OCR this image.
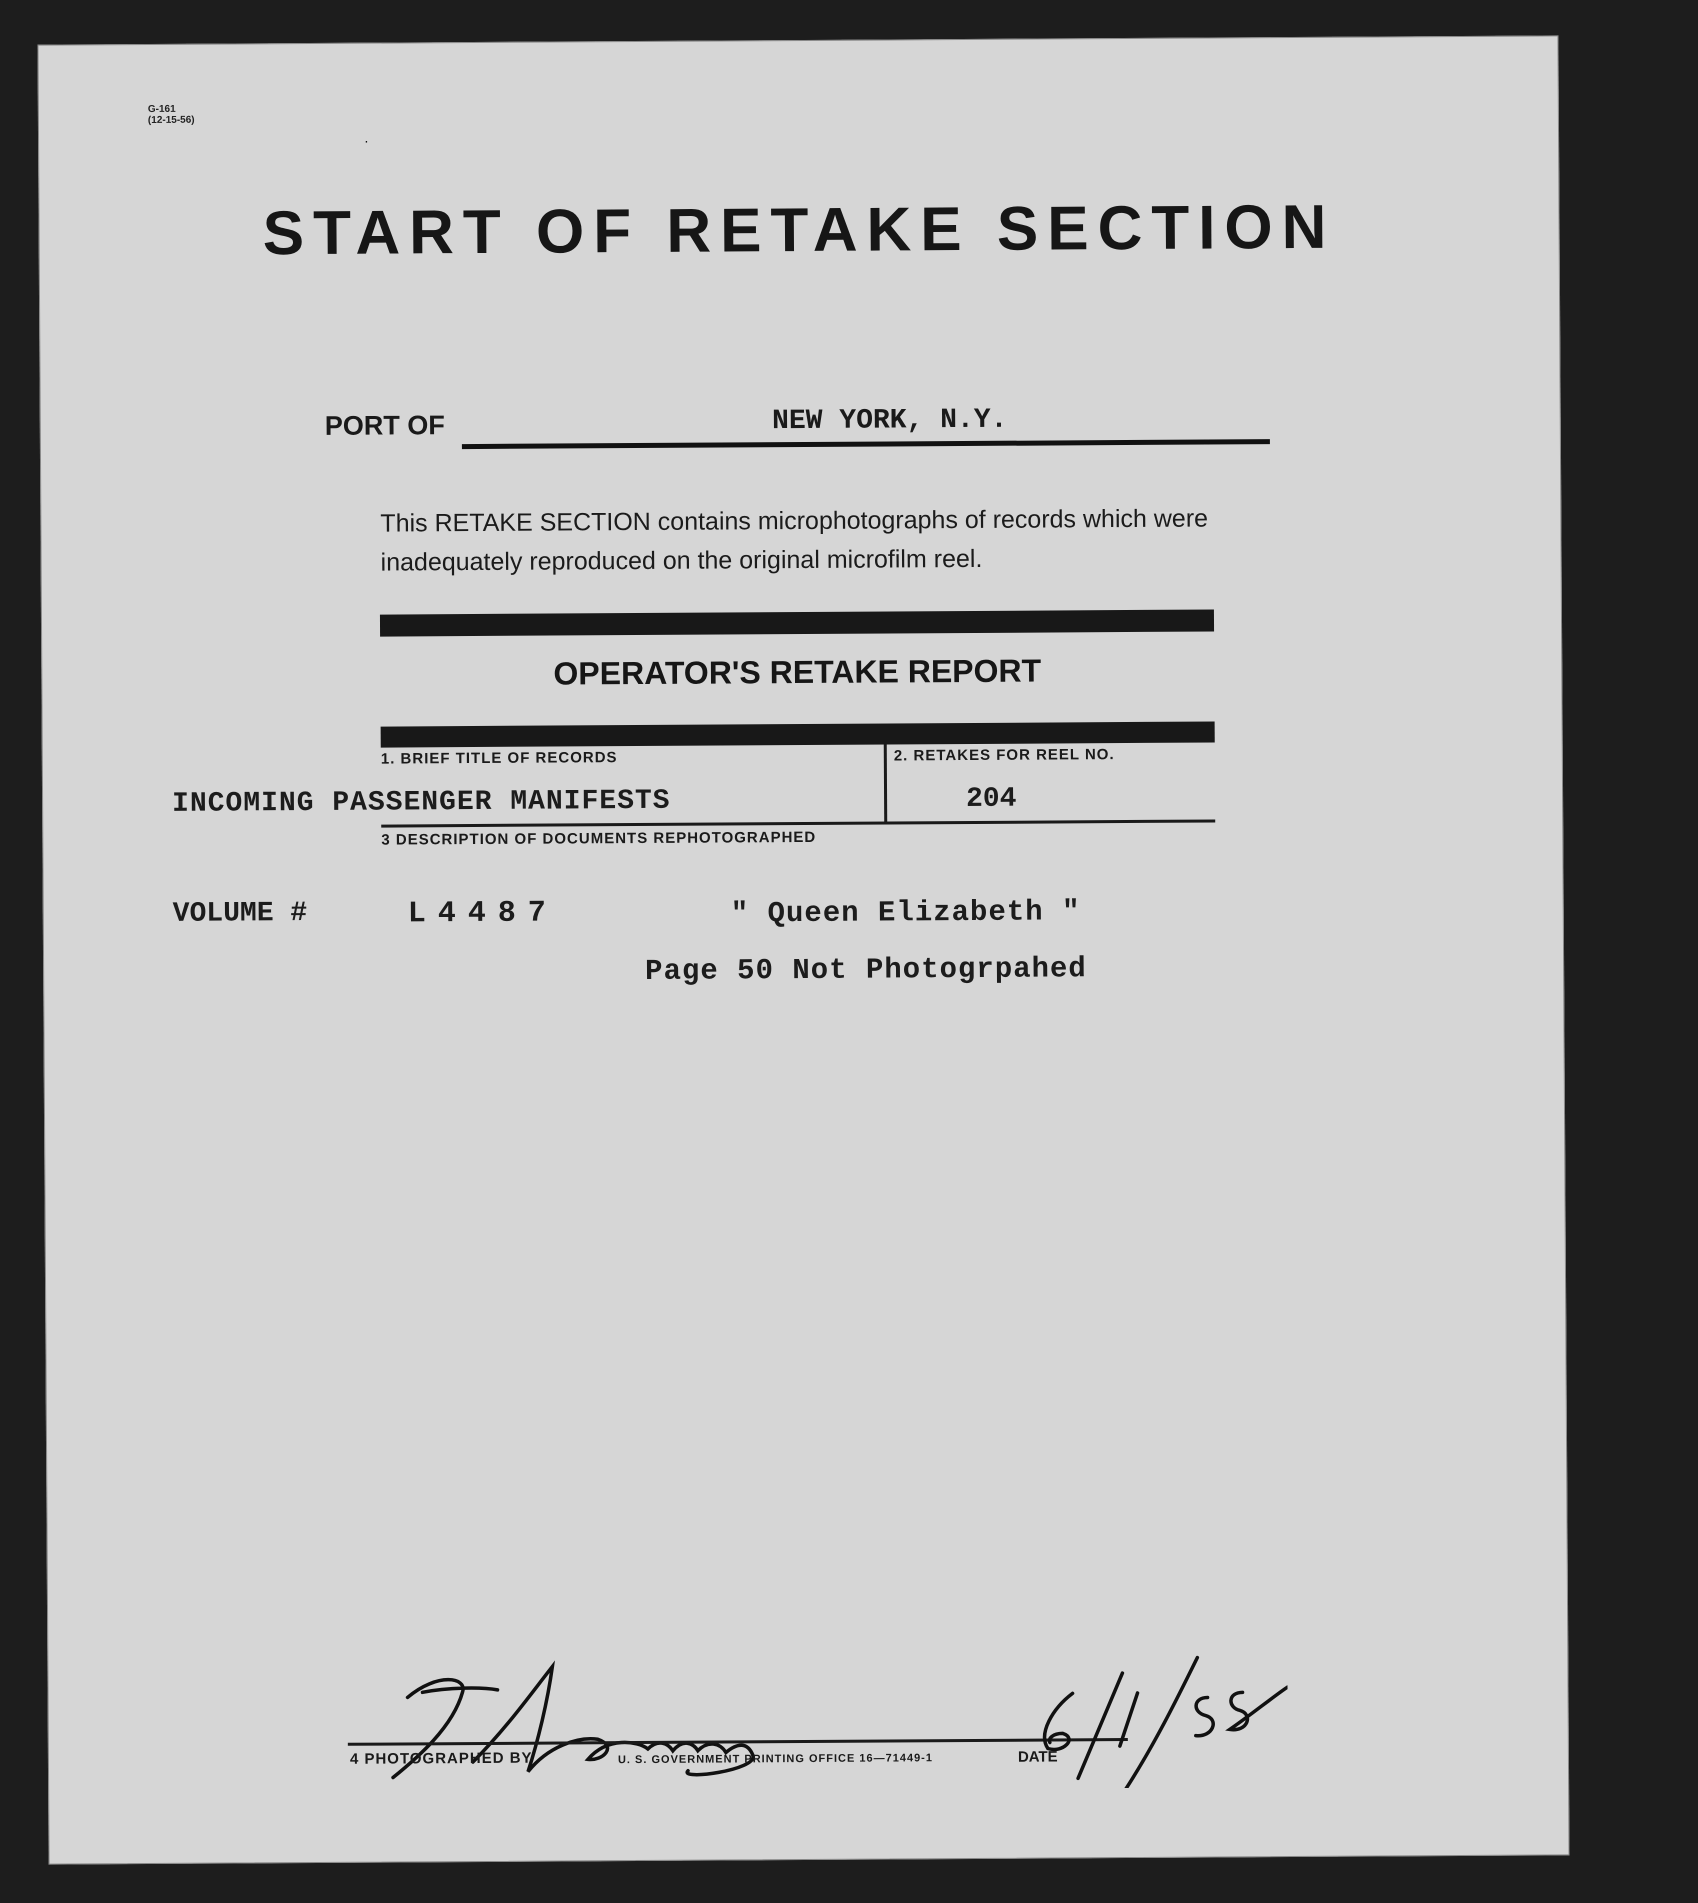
G-161
(12-15-56)
·
START OF RETAKE SECTION
PORT OF	NEW YORK, N.Y.
This RETAKE SECTION contains microphotographs of records which were
inadequately reproduced on the original microfilm reel.
OPERATOR'S RETAKE REPORT
1. BRIEF TITLE OF RECORDS	2. RETAKES FOR REEL NO.
3 DESCRIPTION OF DOCUMENTS REPHOTOGRAPHED
INCOMING PASSENGER MANIFESTS	204
VOLUME #	L4487	" Queen Elizabeth "
Page 50 Not Photogrpahed
4 PHOTOGRAPHED BY	U. S. GOVERNMENT PRINTING OFFICE 16—71449-1	DATE
